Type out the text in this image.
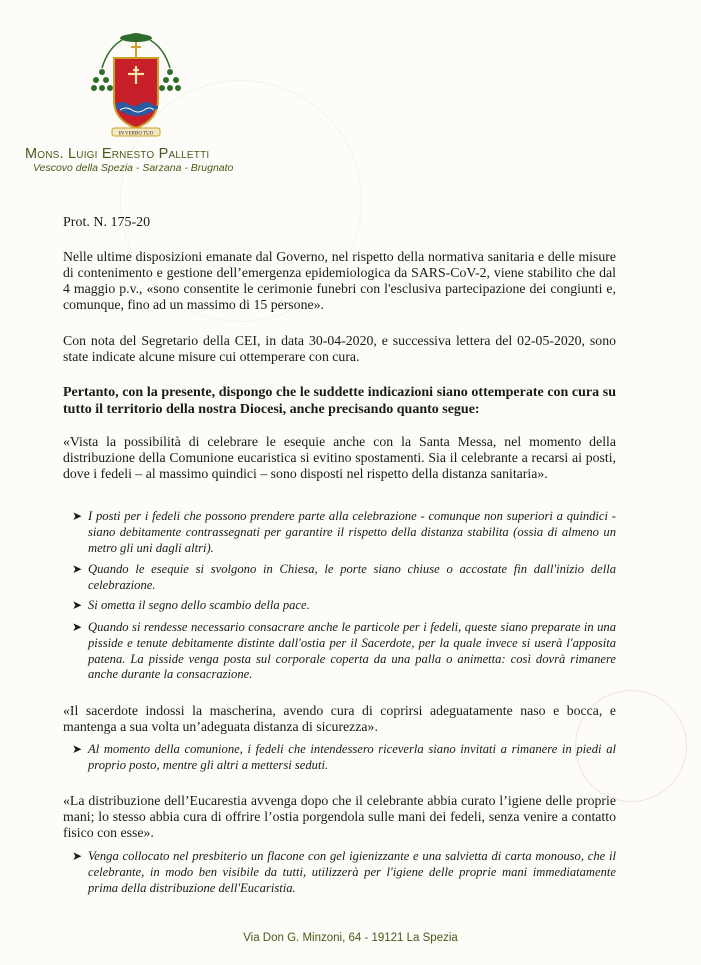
IN VERBO TUO
Mons. Luigi Ernesto Palletti
Vescovo della Spezia - Sarzana - Brugnato
Prot. N. 175-20
Nelle ultime disposizioni emanate dal Governo, nel rispetto della normativa sanitaria e delle misure di contenimento e gestione dell’emergenza epidemiologica da SARS-CoV-2, viene stabilito che dal 4 maggio p.v., «sono consentite le cerimonie funebri con l'esclusiva partecipazione dei congiunti e, comunque, fino ad un massimo di 15 persone».
Con nota del Segretario della CEI, in data 30-04-2020, e successiva lettera del 02-05-2020, sono state indicate alcune misure cui ottemperare con cura.
Pertanto, con la presente, dispongo che le suddette indicazioni siano ottemperate con cura su tutto il territorio della nostra Diocesi, anche precisando quanto segue:
«Vista la possibilità di celebrare le esequie anche con la Santa Messa, nel momento della distribuzione della Comunione eucaristica si evitino spostamenti. Sia il celebrante a recarsi ai posti, dove i fedeli – al massimo quindici – sono disposti nel rispetto della distanza sanitaria».
➤ I posti per i fedeli che possono prendere parte alla celebrazione - comunque non superiori a quindici - siano debitamente contrassegnati per garantire il rispetto della distanza stabilita (ossia di almeno un metro gli uni dagli altri).
➤ Quando le esequie si svolgono in Chiesa, le porte siano chiuse o accostate fin dall'inizio della celebrazione.
➤ Si ometta il segno dello scambio della pace.
➤ Quando si rendesse necessario consacrare anche le particole per i fedeli, queste siano preparate in una pisside e tenute debitamente distinte dall'ostia per il Sacerdote, per la quale invece si userà l'apposita patena. La pisside venga posta sul corporale coperta da una palla o animetta: così dovrà rimanere anche durante la consacrazione.
«Il sacerdote indossi la mascherina, avendo cura di coprirsi adeguatamente naso e bocca, e mantenga a sua volta un’adeguata distanza di sicurezza».
➤ Al momento della comunione, i fedeli che intendessero riceverla siano invitati a rimanere in piedi al proprio posto, mentre gli altri a mettersi seduti.
«La distribuzione dell’Eucarestia avvenga dopo che il celebrante abbia curato l’igiene delle proprie mani; lo stesso abbia cura di offrire l’ostia porgendola sulle mani dei fedeli, senza venire a contatto fisico con esse».
➤ Venga collocato nel presbiterio un flacone con gel igienizzante e una salvietta di carta monouso, che il celebrante, in modo ben visibile da tutti, utilizzerà per l'igiene delle proprie mani immediatamente prima della distribuzione dell'Eucaristia.
Via Don G. Minzoni, 64 - 19121 La Spezia
